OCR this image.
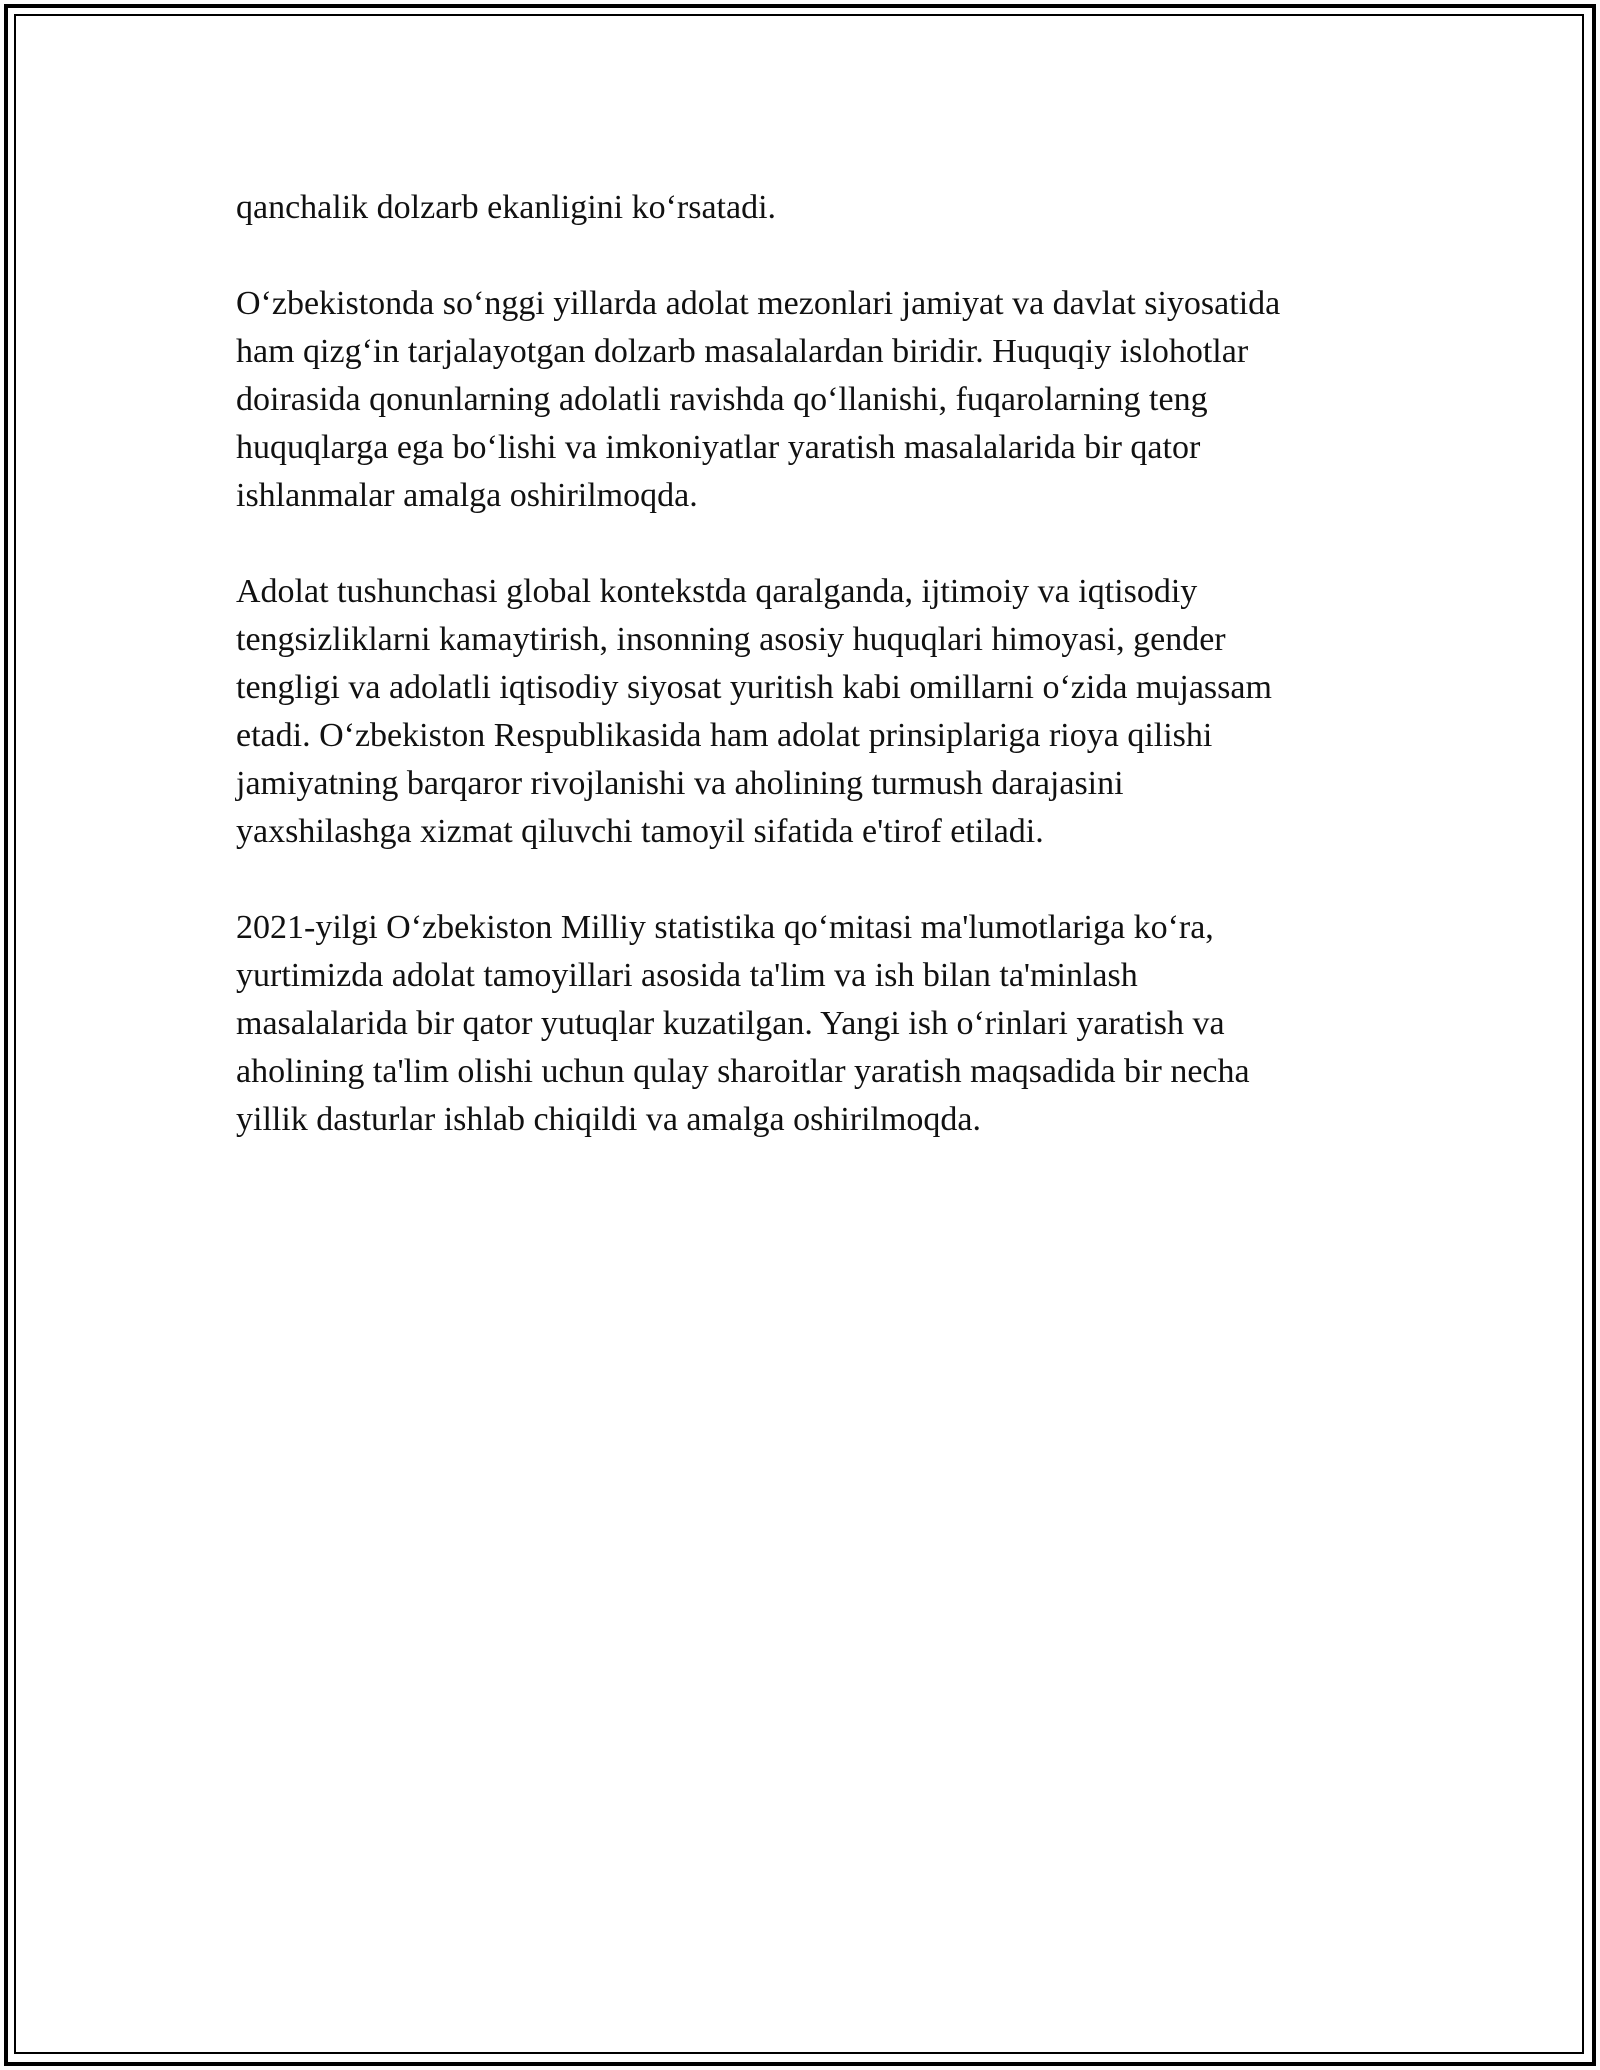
qanchalik dolzarb ekanligini ko‘rsatadi.

O‘zbekistonda so‘nggi yillarda adolat mezonlari jamiyat va davlat siyosatida
ham qizg‘in tarjalayotgan dolzarb masalalardan biridir. Huquqiy islohotlar
doirasida qonunlarning adolatli ravishda qo‘llanishi, fuqarolarning teng
huquqlarga ega bo‘lishi va imkoniyatlar yaratish masalalarida bir qator
ishlanmalar amalga oshirilmoqda.

Adolat tushunchasi global kontekstda qaralganda, ijtimoiy va iqtisodiy
tengsizliklarni kamaytirish, insonning asosiy huquqlari himoyasi, gender
tengligi va adolatli iqtisodiy siyosat yuritish kabi omillarni o‘zida mujassam
etadi. O‘zbekiston Respublikasida ham adolat prinsiplariga rioya qilishi
jamiyatning barqaror rivojlanishi va aholining turmush darajasini
yaxshilashga xizmat qiluvchi tamoyil sifatida e'tirof etiladi.

2021-yilgi O‘zbekiston Milliy statistika qo‘mitasi ma'lumotlariga ko‘ra,
yurtimizda adolat tamoyillari asosida ta'lim va ish bilan ta'minlash
masalalarida bir qator yutuqlar kuzatilgan. Yangi ish o‘rinlari yaratish va
aholining ta'lim olishi uchun qulay sharoitlar yaratish maqsadida bir necha
yillik dasturlar ishlab chiqildi va amalga oshirilmoqda.
